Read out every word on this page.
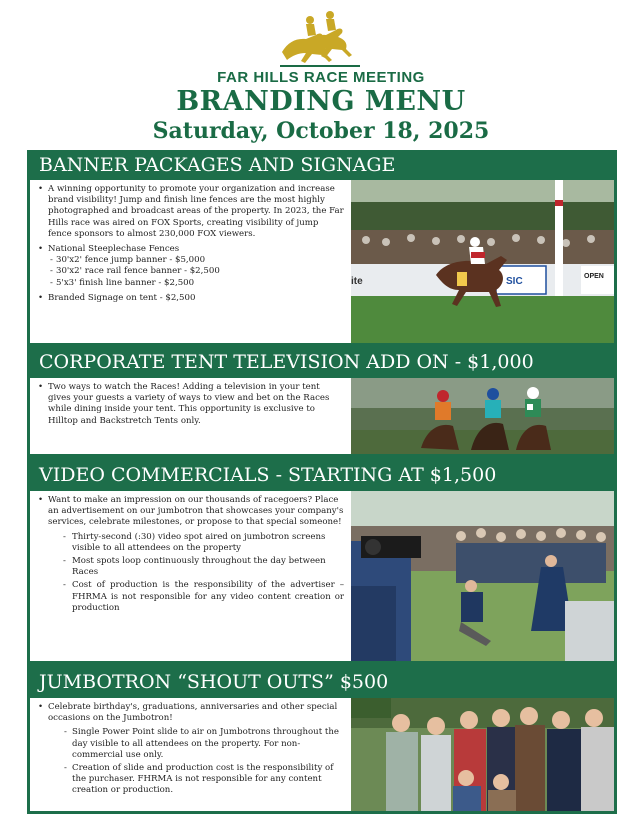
FAR HILLS RACE MEETING
BRANDING MENU
Saturday, October 18, 2025
BANNER PACKAGES AND SIGNAGE
• A winning opportunity to promote your organization and increase brand visibility! Jump and finish line fences are the most highly photographed and broadcast areas of the property. In 2023, the Far Hills race was aired on FOX Sports, creating visibility of jump fence sponsors to almost 230,000 FOX viewers.
• National Steeplechase Fences
- 30'x2' fence jump banner - $5,000
- 30'x2' race rail fence banner - $2,500
- 5'x3' finish line banner - $2,500
• Branded Signage on tent - $2,500
SIC	OPEN
ite
CORPORATE TENT TELEVISION ADD ON - $1,000
• Two ways to watch the Races! Adding a television in your tent gives your guests a variety of ways to view and bet on the Races while dining inside your tent. This opportunity is exclusive to Hilltop and Backstretch Tents only.
VIDEO COMMERCIALS - STARTING AT $1,500
• Want to make an impression on our thousands of racegoers? Place an advertisement on our jumbotron that showcases your company's services, celebrate milestones, or propose to that special someone!
- Thirty-second (:30) video spot aired on jumbotron screens visible to all attendees on the property
- Most spots loop continuously throughout the day between Races
- Cost of production is the responsibility of the advertiser – FHRMA is not responsible for any video content creation or production
JUMBOTRON “SHOUT OUTS” $500
• Celebrate birthday's, graduations, anniversaries and other special occasions on the Jumbotron!
- Single Power Point slide to air on Jumbotrons throughout the day visible to all attendees on the property. For non-commercial use only.
- Creation of slide and production cost is the responsibility of the purchaser. FHRMA is not responsible for any content creation or production.
